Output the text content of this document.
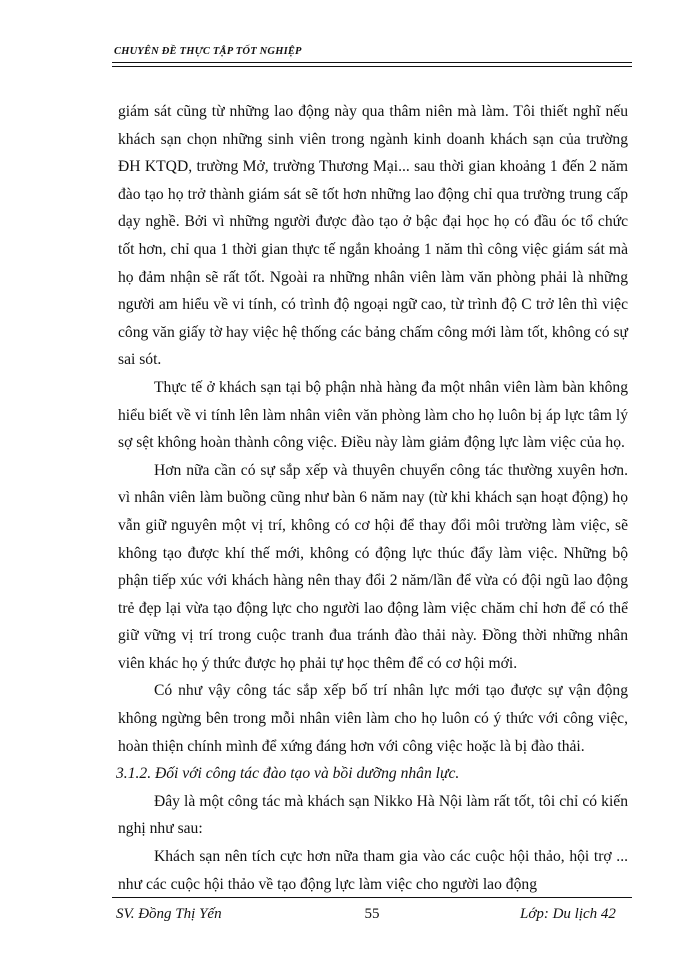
CHUYÊN ĐỀ THỰC TẬP TỐT NGHIỆP

giám sát cũng từ những lao động này qua thâm niên mà làm. Tôi thiết nghĩ nếu khách sạn chọn những sinh viên trong ngành kinh doanh khách sạn của trường ĐH KTQD, trường Mở, trường Thương Mại... sau thời gian khoảng 1 đến 2 năm đào tạo họ trở thành giám sát sẽ tốt hơn những lao động chỉ qua trường trung cấp dạy nghề. Bởi vì những người được đào tạo ở bậc đại học họ có đầu óc tổ chức tốt hơn, chỉ qua 1 thời gian thực tế ngắn khoảng 1 năm thì công việc giám sát mà họ đảm nhận sẽ rất tốt. Ngoài ra những nhân viên làm văn phòng phải là những người am hiểu về vi tính, có trình độ ngoại ngữ cao, từ trình độ C trở lên thì việc công văn giấy tờ hay việc hệ thống các bảng chấm công mới làm tốt, không có sự sai sót.

Thực tế ở khách sạn tại bộ phận nhà hàng đa một nhân viên làm bàn không hiểu biết về vi tính lên làm nhân viên văn phòng làm cho họ luôn bị áp lực tâm lý sợ sệt không hoàn thành công việc. Điều này làm giảm động lực làm việc của họ.

Hơn nữa cần có sự sắp xếp và thuyên chuyển công tác thường xuyên hơn. vì nhân viên làm buồng cũng như bàn 6 năm nay (từ khi khách sạn hoạt động) họ vẫn giữ nguyên một vị trí, không có cơ hội để thay đổi môi trường làm việc, sẽ không tạo được khí thế mới, không có động lực thúc đẩy làm việc. Những bộ phận tiếp xúc với khách hàng nên thay đổi 2 năm/lần để vừa có đội ngũ lao động trẻ đẹp lại vừa tạo động lực cho người lao động làm việc chăm chỉ hơn để có thể giữ vững vị trí trong cuộc tranh đua tránh đào thải này. Đồng thời những nhân viên khác họ ý thức được họ phải tự học thêm để có cơ hội mới.

Có như vậy công tác sắp xếp bố trí nhân lực mới tạo được sự vận động không ngừng bên trong mỗi nhân viên làm cho họ luôn có ý thức với công việc, hoàn thiện chính mình để xứng đáng hơn với công việc hoặc là bị đào thải.

3.1.2. Đối với công tác đào tạo và bồi dưỡng nhân lực.

Đây là một công tác mà khách sạn Nikko Hà Nội làm rất tốt, tôi chỉ có kiến nghị như sau:

Khách sạn nên tích cực hơn nữa tham gia vào các cuộc hội thảo, hội trợ ... như các cuộc hội thảo về tạo động lực làm việc cho người lao động

SV. Đồng Thị Yến	55	Lớp: Du lịch 42
